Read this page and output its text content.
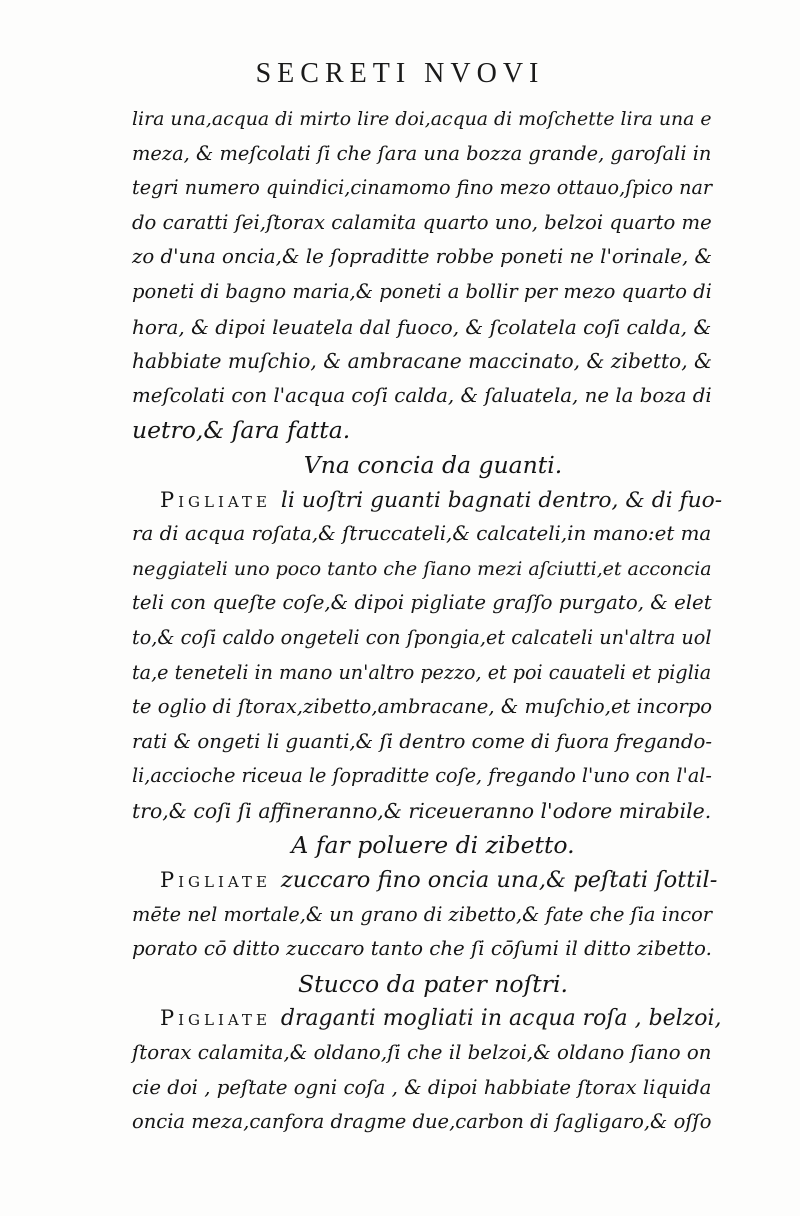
SECRETI NVOVI
lira una,acqua di mirto lire doi,acqua di moſchette lira una e
meza, & meſcolati ſi che ſara una bozza grande, garoſali in
tegri numero quindici,cinamomo fino mezo ottauo,ſpico nar
do caratti ſei,ſtorax calamita quarto uno, belzoi quarto me
zo d'una oncia,& le ſopraditte robbe poneti ne l'orinale, &
poneti di bagno maria,& poneti a bollir per mezo quarto di
hora, & dipoi leuatela dal fuoco, & ſcolatela coſi calda, &
habbiate muſchio, & ambracane maccinato, & zibetto, &
meſcolati con l'acqua coſi calda, & ſaluatela, ne la boza di
uetro,& ſara fatta.
Vna concia da guanti.
Pigliate li uoſtri guanti bagnati dentro, & di fuo-
ra di acqua roſata,& ſtruccateli,& calcateli,in mano:et ma
neggiateli uno poco tanto che ſiano mezi aſciutti,et acconcia
teli con queſte coſe,& dipoi pigliate graſſo purgato, & elet
to,& coſi caldo ongeteli con ſpongia,et calcateli un'altra uol
ta,e teneteli in mano un'altro pezzo, et poi cauateli et piglia
te oglio di ſtorax,zibetto,ambracane, & muſchio,et incorpo
rati & ongeti li guanti,& ſi dentro come di fuora fregando-
li,accioche riceua le ſopraditte coſe, fregando l'uno con l'al-
tro,& coſi ſi affineranno,& riceueranno l'odore mirabile.
A far poluere di zibetto.
Pigliate zuccaro fino oncia una,& peſtati ſottil-
mēte nel mortale,& un grano di zibetto,& fate che ſia incor
porato cō ditto zuccaro tanto che ſi cōſumi il ditto zibetto.
Stucco da pater noſtri.
Pigliate draganti mogliati in acqua roſa , belzoi,
ſtorax calamita,& oldano,ſi che il belzoi,& oldano ſiano on
cie doi , peſtate ogni coſa , & dipoi habbiate ſtorax liquida
oncia meza,canfora dragme due,carbon di ſagligaro,& oſſo
